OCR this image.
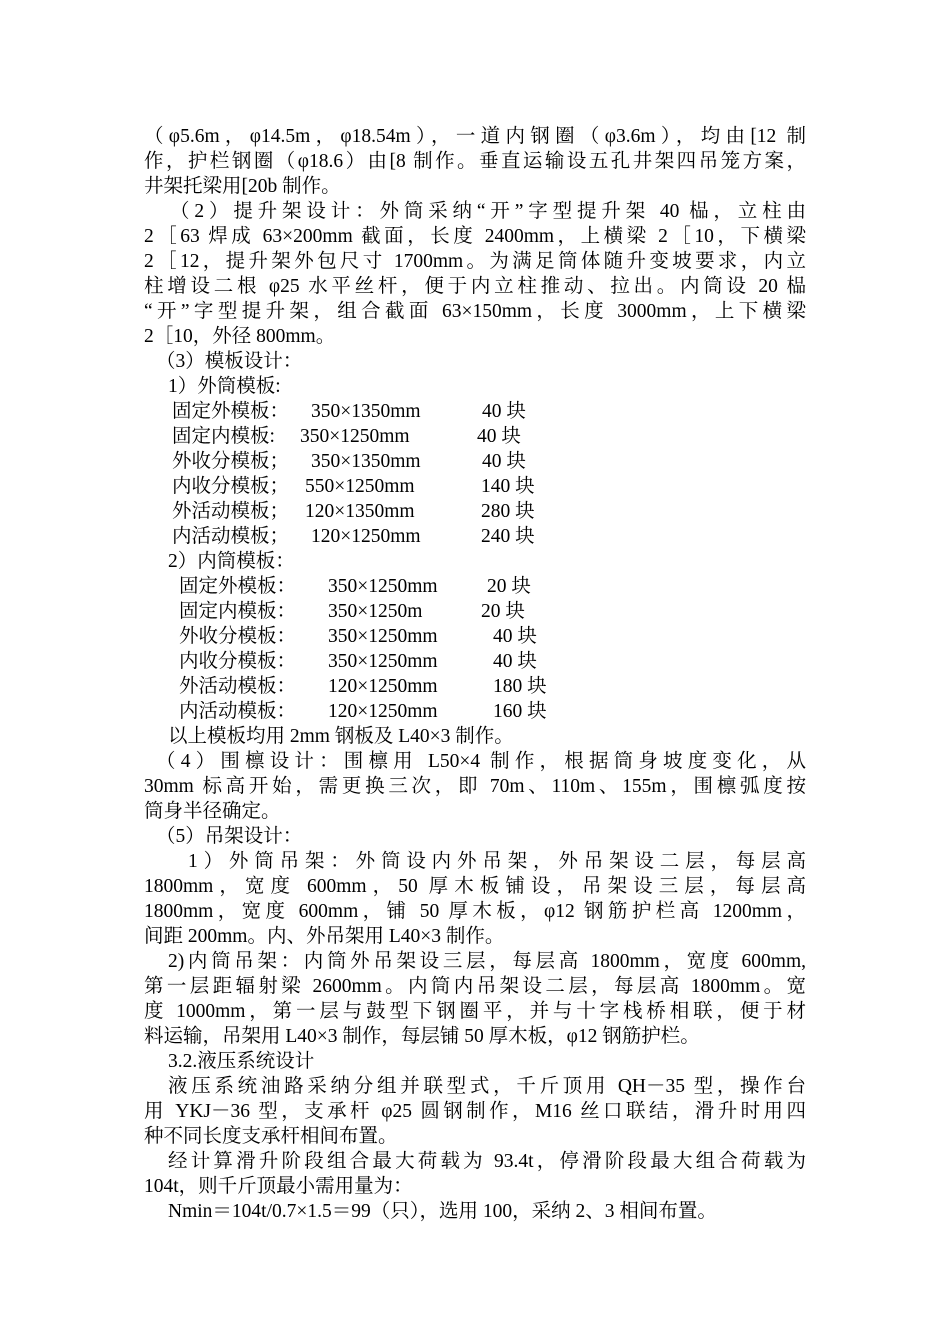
（φ5.6m，φ14.5m，φ18.54m），一道内钢圈（φ3.6m），均由[12 制
作，护栏钢圈（φ18.6）由[8 制作。垂直运输设五孔井架四吊笼方案，
井架托梁用[20b 制作。
（2）提升架设计：外筒采纳“开”字型提升架 40 榀，立柱由
2［63 焊成 63×200mm 截面，长度 2400mm，上横梁 2［10，下横梁
2［12，提升架外包尺寸 1700mm。为满足筒体随升变坡要求，内立
柱增设二根 φ25 水平丝杆，便于内立柱推动、拉出。内筒设 20 榀
“开”字型提升架，组合截面 63×150mm，长度 3000mm，上下横梁
2［10，外径 800mm。
（3）模板设计：
1）外筒模板:
固定外模板： 350×1350mm	40 块
固定内模板: 350×1250mm	40 块
外收分模板； 350×1350mm	40 块
内收分模板； 550×1250mm	140 块
外活动模板； 120×1350mm	280 块
内活动模板； 120×1250mm	240 块
2）内筒模板：
固定外模板： 350×1250mm	20 块
固定内模板： 350×1250m	20 块
外收分模板： 350×1250mm	40 块
内收分模板： 350×1250mm	40 块
外活动模板： 120×1250mm	180 块
内活动模板： 120×1250mm	160 块
以上模板均用 2mm 钢板及 L40×3 制作。
（4）围檩设计：围檩用 L50×4 制作，根据筒身坡度变化，从
30mm 标高开始，需更换三次，即 70m、110m、155m，围檩弧度按
筒身半径确定。
（5）吊架设计：
1）外筒吊架：外筒设内外吊架，外吊架设二层，每层高
1800mm，宽度 600mm，50 厚木板铺设，吊架设三层，每层高
1800mm，宽度 600mm，铺 50 厚木板，φ12 钢筋护栏高 1200mm，
间距 200mm。内、外吊架用 L40×3 制作。
2)内筒吊架：内筒外吊架设三层，每层高 1800mm，宽度 600mm,
第一层距辐射梁 2600mm。内筒内吊架设二层，每层高 1800mm。宽
度 1000mm，第一层与鼓型下钢圈平，并与十字栈桥相联，便于材
料运输，吊架用 L40×3 制作，每层铺 50 厚木板，φ12 钢筋护栏。
3.2.液压系统设计
液压系统油路采纳分组并联型式，千斤顶用 QH－35 型，操作台
用 YKJ－36 型，支承杆 φ25 圆钢制作，M16 丝口联结，滑升时用四
种不同长度支承杆相间布置。
经计算滑升阶段组合最大荷载为 93.4t，停滑阶段最大组合荷载为
104t，则千斤顶最小需用量为：
Nmin＝104t/0.7×1.5＝99（只），选用 100，采纳 2、3 相间布置。
